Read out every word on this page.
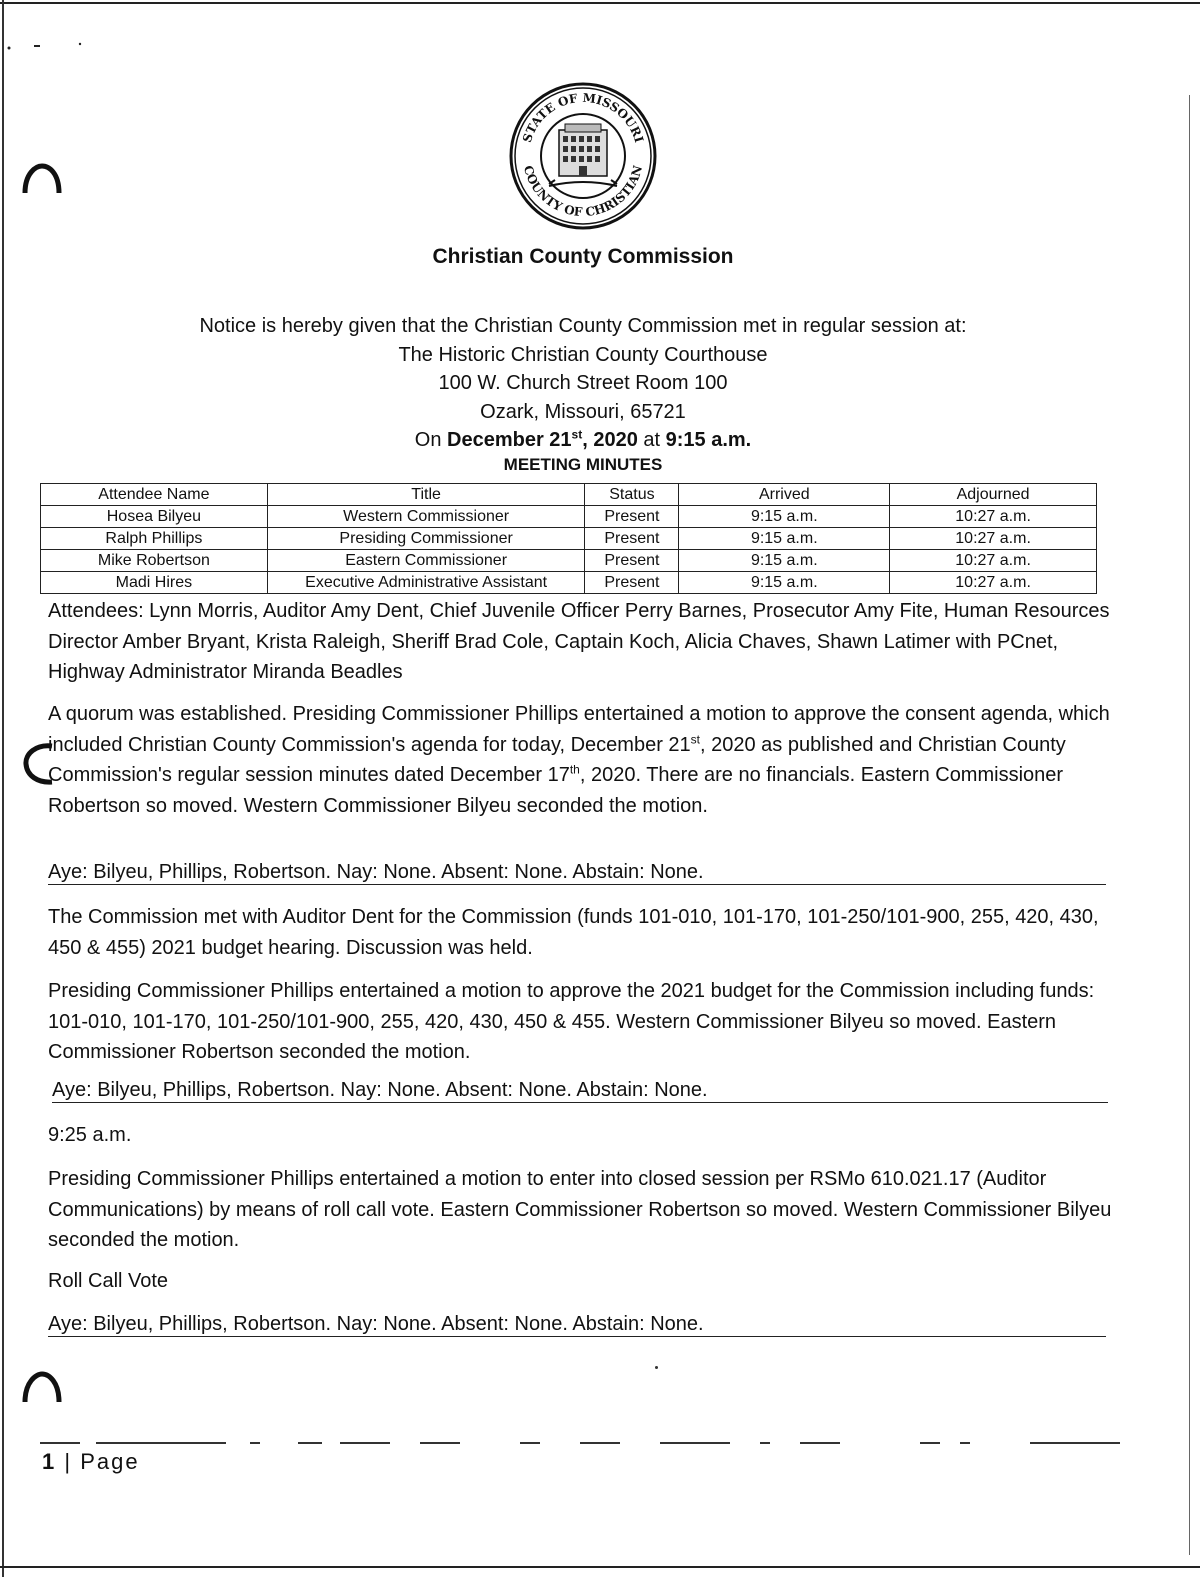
STATE OF MISSOURI
COUNTY OF CHRISTIAN
Christian County Commission
Notice is hereby given that the Christian County Commission met in regular session at:
The Historic Christian County Courthouse
100 W. Church Street Room 100
Ozark, Missouri, 65721
On December 21st, 2020 at 9:15 a.m.
MEETING MINUTES
Attendee Name	Title	Status	Arrived	Adjourned
Hosea Bilyeu	Western Commissioner	Present	9:15 a.m.	10:27 a.m.
Ralph Phillips	Presiding Commissioner	Present	9:15 a.m.	10:27 a.m.
Mike Robertson	Eastern Commissioner	Present	9:15 a.m.	10:27 a.m.
Madi Hires	Executive Administrative Assistant	Present	9:15 a.m.	10:27 a.m.
Attendees: Lynn Morris, Auditor Amy Dent, Chief Juvenile Officer Perry Barnes, Prosecutor Amy Fite, Human Resources Director Amber Bryant, Krista Raleigh, Sheriff Brad Cole, Captain Koch, Alicia Chaves, Shawn Latimer with PCnet, Highway Administrator Miranda Beadles
A quorum was established. Presiding Commissioner Phillips entertained a motion to approve the consent agenda, which included Christian County Commission's agenda for today, December 21st, 2020 as published and Christian County Commission's regular session minutes dated December 17th, 2020. There are no financials. Eastern Commissioner Robertson so moved. Western Commissioner Bilyeu seconded the motion.
Aye: Bilyeu, Phillips, Robertson. Nay: None. Absent: None. Abstain: None.
The Commission met with Auditor Dent for the Commission (funds 101-010, 101-170, 101-250/101-900, 255, 420, 430, 450 & 455) 2021 budget hearing. Discussion was held.
Presiding Commissioner Phillips entertained a motion to approve the 2021 budget for the Commission including funds: 101-010, 101-170, 101-250/101-900, 255, 420, 430, 450 & 455. Western Commissioner Bilyeu so moved. Eastern Commissioner Robertson seconded the motion.
Aye: Bilyeu, Phillips, Robertson. Nay: None. Absent: None. Abstain: None.
9:25 a.m.
Presiding Commissioner Phillips entertained a motion to enter into closed session per RSMo 610.021.17 (Auditor Communications) by means of roll call vote. Eastern Commissioner Robertson so moved. Western Commissioner Bilyeu seconded the motion.
Roll Call Vote
Aye: Bilyeu, Phillips, Robertson. Nay: None. Absent: None. Abstain: None.
1 | Page
